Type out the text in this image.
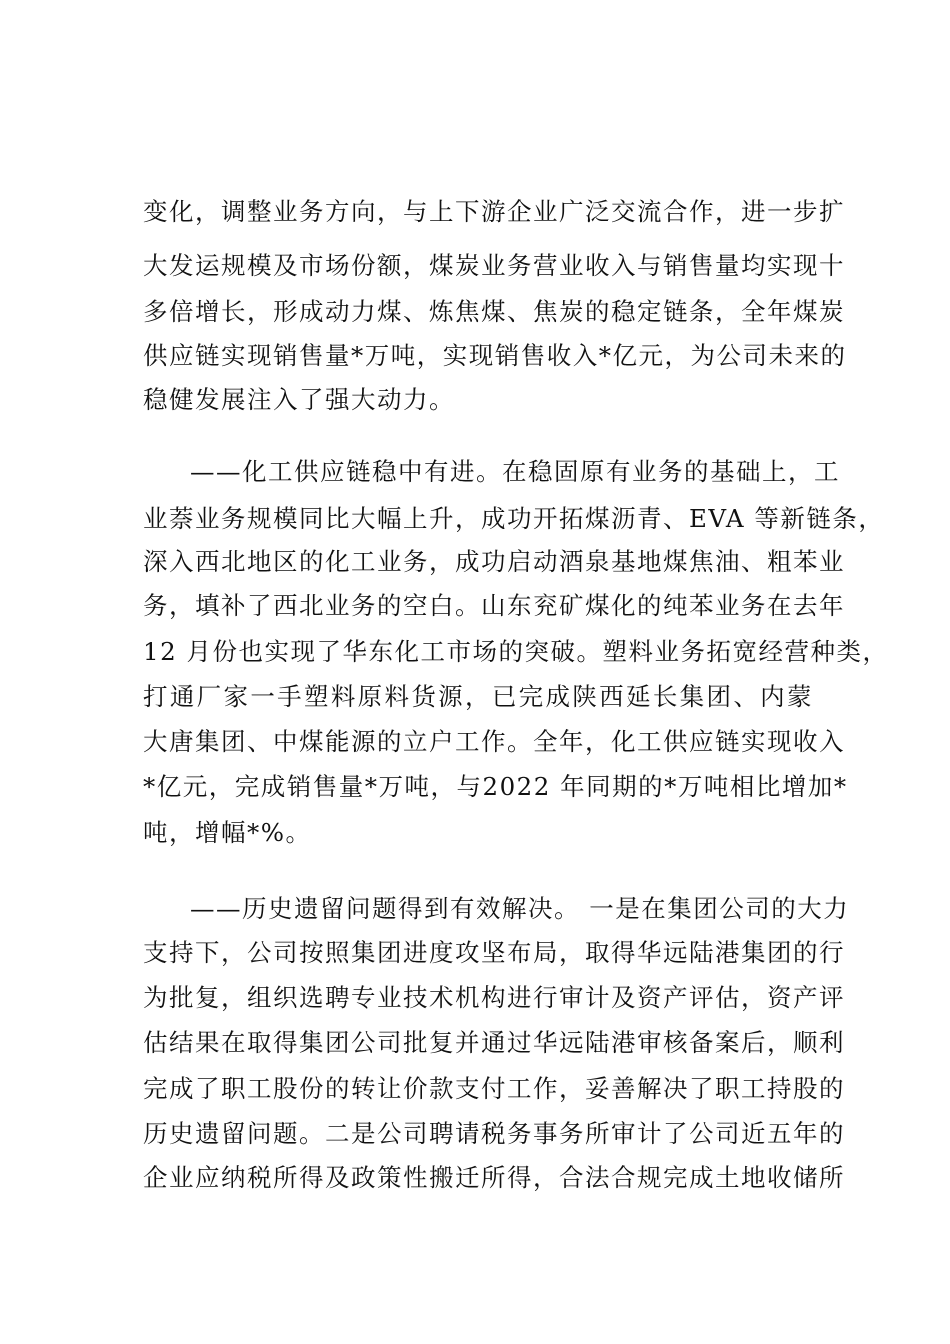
变化，调整业务方向，与上下游企业广泛交流合作，进一步扩
大发运规模及市场份额，煤炭业务营业收入与销售量均实现十
多倍增长，形成动力煤、炼焦煤、焦炭的稳定链条，全年煤炭
供应链实现销售量*万吨，实现销售收入*亿元，为公司未来的
稳健发展注入了强大动力。
——化工供应链稳中有进。在稳固原有业务的基础上，工
业萘业务规模同比大幅上升，成功开拓煤沥青、EVA 等新链条，
深入西北地区的化工业务，成功启动酒泉基地煤焦油、粗苯业
务，填补了西北业务的空白。山东兖矿煤化的纯苯业务在去年
12 月份也实现了华东化工市场的突破。塑料业务拓宽经营种类，
打通厂家一手塑料原料货源，已完成陕西延长集团、内蒙
大唐集团、中煤能源的立户工作。全年，化工供应链实现收入
*亿元，完成销售量*万吨，与2022 年同期的*万吨相比增加*
吨，增幅*%。
——历史遗留问题得到有效解决。 一是在集团公司的大力
支持下，公司按照集团进度攻坚布局，取得华远陆港集团的行
为批复，组织选聘专业技术机构进行审计及资产评估，资产评
估结果在取得集团公司批复并通过华远陆港审核备案后，顺利
完成了职工股份的转让价款支付工作，妥善解决了职工持股的
历史遗留问题。二是公司聘请税务事务所审计了公司近五年的
企业应纳税所得及政策性搬迁所得，合法合规完成土地收储所
